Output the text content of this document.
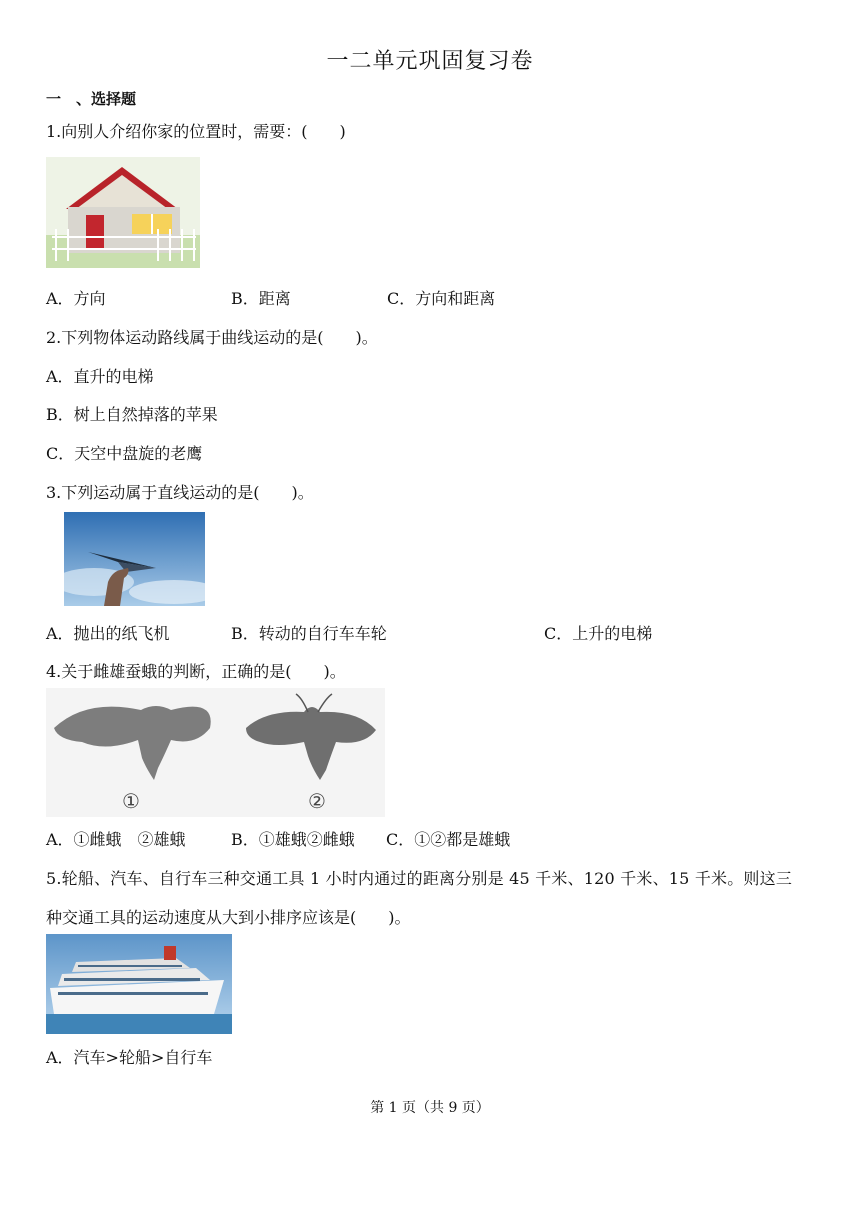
一二单元巩固复习卷
一　、选择题
1.向别人介绍你家的位置时，需要：(　　)
A．方向	B．距离	C．方向和距离
2.下列物体运动路线属于曲线运动的是(　　)。
A．直升的电梯
B．树上自然掉落的苹果
C．天空中盘旋的老鹰
3.下列运动属于直线运动的是(　　)。
A．抛出的纸飞机	B．转动的自行车车轮	C．上升的电梯
4.关于雌雄蚕蛾的判断，正确的是(　　)。
①	②
A．①雌蛾　②雄蛾	B．①雄蛾②雌蛾 C．①②都是雄蛾
5.轮船、汽车、自行车三种交通工具 1 小时内通过的距离分别是 45 千米、120 千米、15 千米。则这三
种交通工具的运动速度从大到小排序应该是(　　)。
A．汽车>轮船>自行车
第 1 页（共 9 页）
